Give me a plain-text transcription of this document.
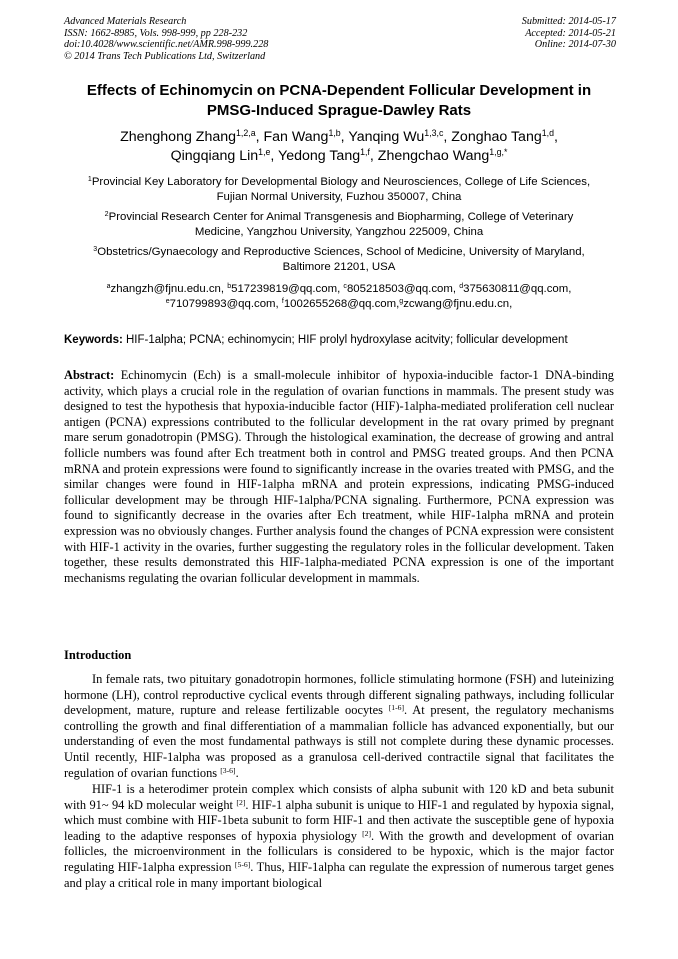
Advanced Materials Research
ISSN: 1662-8985, Vols. 998-999, pp 228-232
doi:10.4028/www.scientific.net/AMR.998-999.228
© 2014 Trans Tech Publications Ltd, Switzerland
Submitted: 2014-05-17
Accepted: 2014-05-21
Online: 2014-07-30
Effects of Echinomycin on PCNA-Dependent Follicular Development in
PMSG-Induced Sprague-Dawley Rats
Zhenghong Zhang$^{1,2,a}$, Fan Wang$^{1,b}$, Yanqing Wu$^{1,3,c}$, Zonghao Tang$^{1,d}$,
Qingqiang Lin$^{1,e}$, Yedong Tang$^{1,f}$, Zhengchao Wang$^{1,g,*}$
$^1$Provincial Key Laboratory for Developmental Biology and Neurosciences, College of Life Sciences,
Fujian Normal University, Fuzhou 350007, China
$^2$Provincial Research Center for Animal Transgenesis and Biopharming, College of Veterinary
Medicine, Yangzhou University, Yangzhou 225009, China
$^3$Obstetrics/Gynaecology and Reproductive Sciences, School of Medicine, University of Maryland,
Baltimore 21201, USA
$^a$zhangzh@fjnu.edu.cn, $^b$517239819@qq.com, $^c$805218503@qq.com, $^d$375630811@qq.com,
$^e$710799893@qq.com, $^f$1002655268@qq.com,$^g$zcwang@fjnu.edu.cn,
Keywords: HIF-1alpha; PCNA; echinomycin; HIF prolyl hydroxylase acitvity; follicular development

Abstract: Echinomycin (Ech) is a small-molecule inhibitor of hypoxia-inducible factor-1 DNA-binding activity, which plays a crucial role in the regulation of ovarian functions in mammals. The present study was designed to test the hypothesis that hypoxia-inducible factor (HIF)-1alpha-mediated proliferation cell nuclear antigen (PCNA) expressions contributed to the follicular development in the rat ovary primed by pregnant mare serum gonadotropin (PMSG). Through the histological examination, the decrease of growing and antral follicle numbers was found after Ech treatment both in control and PMSG treated groups. And then PCNA mRNA and protein expressions were found to significantly increase in the ovaries treated with PMSG, and the similar changes were found in HIF-1alpha mRNA and protein expressions, indicating PMSG-induced follicular development may be through HIF-1alpha/PCNA signaling. Furthermore, PCNA expression was found to significantly decrease in the ovaries after Ech treatment, while HIF-1alpha mRNA and protein expression was no obviously changes. Further analysis found the changes of PCNA expression were consistent with HIF-1 activity in the ovaries, further suggesting the regulatory roles in the follicular development. Taken together, these results demonstrated this HIF-1alpha-mediated PCNA expression is one of the important mechanisms regulating the ovarian follicular development in mammals.

Introduction

In female rats, two pituitary gonadotropin hormones, follicle stimulating hormone (FSH) and luteinizing hormone (LH), control reproductive cyclical events through different signaling pathways, including follicular development, mature, rupture and release fertilizable oocytes [1-6]. At present, the regulatory mechanisms controlling the growth and final differentiation of a mammalian follicle has advanced exponentially, but our understanding of even the most fundamental pathways is still not complete during these dynamic processes. Until recently, HIF-1alpha was proposed as a granulosa cell-derived contractile signal that facilitates the regulation of ovarian functions [3-6].

HIF-1 is a heterodimer protein complex which consists of alpha subunit with 120 kD and beta subunit with 91~ 94 kD molecular weight [2]. HIF-1 alpha subunit is unique to HIF-1 and regulated by hypoxia signal, which must combine with HIF-1beta subunit to form HIF-1 and then activate the susceptible gene of hypoxia leading to the adaptive responses of hypoxia physiology [2]. With the growth and development of ovarian follicles, the microenvironment in the folliculars is considered to be hypoxic, which is the major factor regulating HIF-1alpha expression [5-6]. Thus, HIF-1alpha can regulate the expression of numerous target genes and play a critical role in many important biological
